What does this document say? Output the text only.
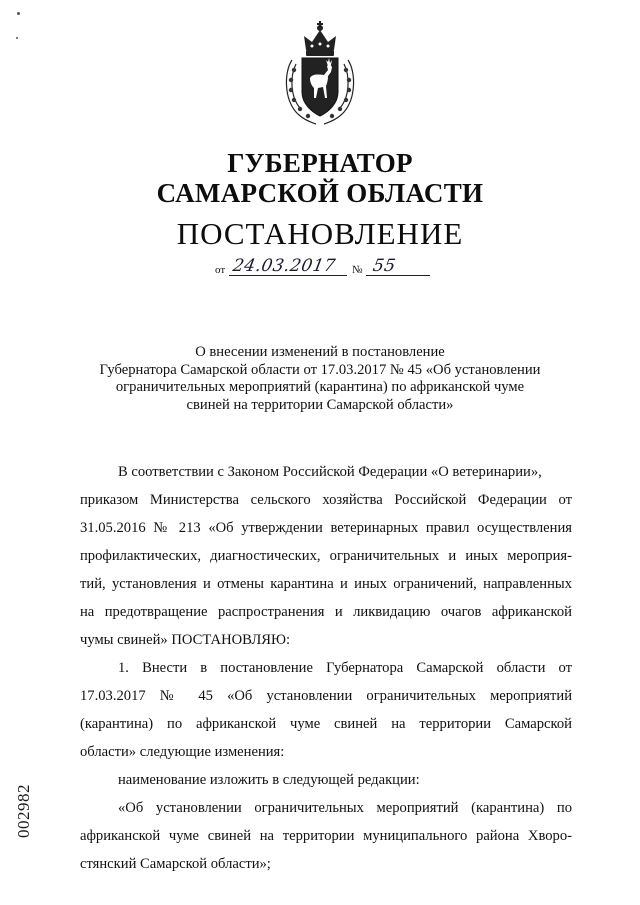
ГУБЕРНАТОР
САМАРСКОЙ ОБЛАСТИ
ПОСТАНОВЛЕНИЕ
от 24.03.2017 № 55
О внесении изменений в постановление
Губернатора Самарской области от 17.03.2017 № 45 «Об установлении
ограничительных мероприятий (карантина) по африканской чуме
свиней на территории Самарской области»
В соответствии с Законом Российской Федерации «О ветеринарии»,
приказом Министерства сельского хозяйства Российской Федерации от
31.05.2016 № 213 «Об утверждении ветеринарных правил осуществления
профилактических, диагностических, ограничительных и иных мероприя-
тий, установления и отмены карантина и иных ограничений, направленных
на предотвращение распространения и ликвидацию очагов африканской
чумы свиней» ПОСТАНОВЛЯЮ:
1. Внести в постановление Губернатора Самарской области от
17.03.2017 № 45 «Об установлении ограничительных мероприятий
(карантина) по африканской чуме свиней на территории Самарской
области» следующие изменения:
наименование изложить в следующей редакции:
«Об установлении ограничительных мероприятий (карантина) по
африканской чуме свиней на территории муниципального района Хворо-
стянский Самарской области»;
002982
